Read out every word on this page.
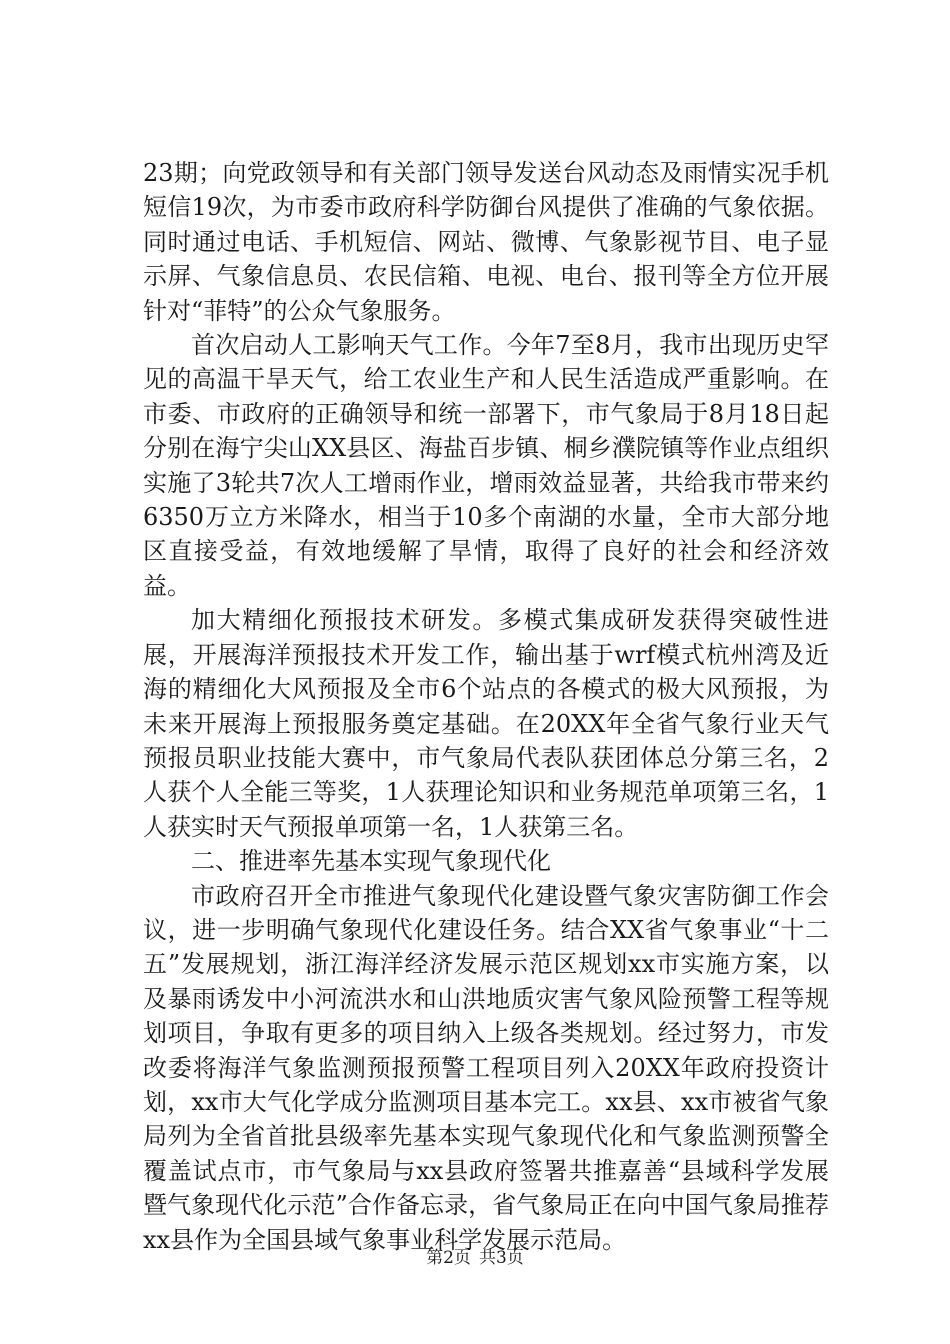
23期；向党政领导和有关部门领导发送台风动态及雨情实况手机短信19次，为市委市政府科学防御台风提供了准确的气象依据。同时通过电话、手机短信、网站、微博、气象影视节目、电子显示屏、气象信息员、农民信箱、电视、电台、报刊等全方位开展针对“菲特”的公众气象服务。

首次启动人工影响天气工作。今年7至8月，我市出现历史罕见的高温干旱天气，给工农业生产和人民生活造成严重影响。在市委、市政府的正确领导和统一部署下，市气象局于8月18日起分别在海宁尖山XX县区、海盐百步镇、桐乡濮院镇等作业点组织实施了3轮共7次人工增雨作业，增雨效益显著，共给我市带来约6350万立方米降水，相当于10多个南湖的水量，全市大部分地区直接受益，有效地缓解了旱情，取得了良好的社会和经济效益。

加大精细化预报技术研发。多模式集成研发获得突破性进展，开展海洋预报技术开发工作，输出基于wrf模式杭州湾及近海的精细化大风预报及全市6个站点的各模式的极大风预报，为未来开展海上预报服务奠定基础。在20XX年全省气象行业天气预报员职业技能大赛中，市气象局代表队获团体总分第三名，2人获个人全能三等奖，1人获理论知识和业务规范单项第三名，1人获实时天气预报单项第一名，1人获第三名。

二、推进率先基本实现气象现代化

市政府召开全市推进气象现代化建设暨气象灾害防御工作会议，进一步明确气象现代化建设任务。结合XX省气象事业“十二五”发展规划，浙江海洋经济发展示范区规划xx市实施方案，以及暴雨诱发中小河流洪水和山洪地质灾害气象风险预警工程等规划项目，争取有更多的项目纳入上级各类规划。经过努力，市发改委将海洋气象监测预报预警工程项目列入20XX年政府投资计划，xx市大气化学成分监测项目基本完工。xx县、xx市被省气象局列为全省首批县级率先基本实现气象现代化和气象监测预警全覆盖试点市，市气象局与xx县政府签署共推嘉善“县域科学发展暨气象现代化示范”合作备忘录，省气象局正在向中国气象局推荐xx县作为全国县域气象事业科学发展示范局。

第2页 共3页
